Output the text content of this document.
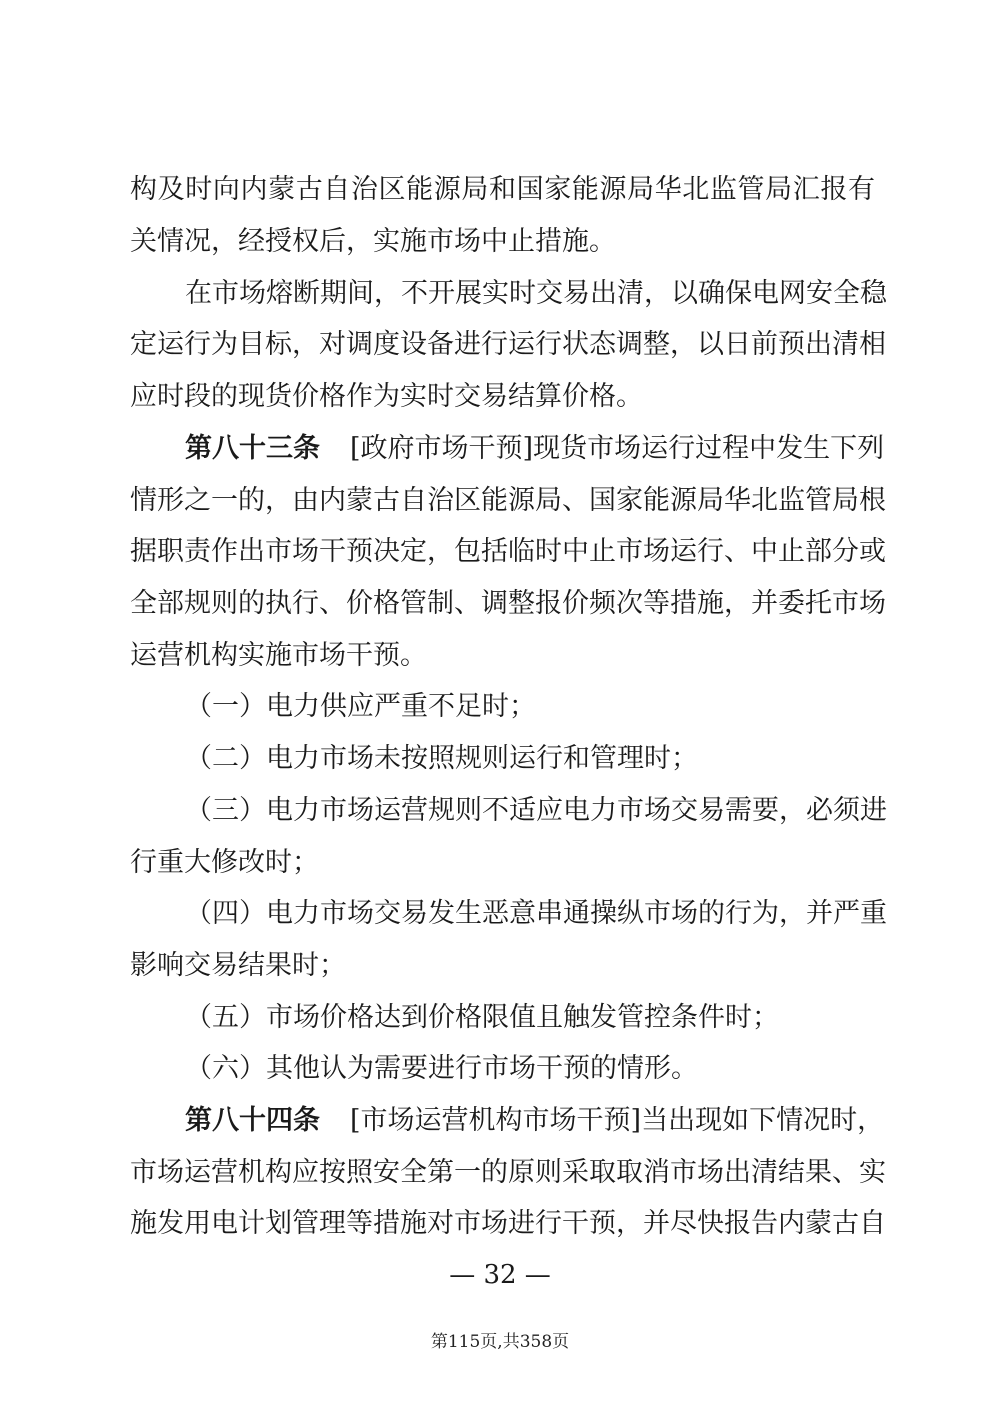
构及时向内蒙古自治区能源局和国家能源局华北监管局汇报有
关情况，经授权后，实施市场中止措施。
在市场熔断期间，不开展实时交易出清，以确保电网安全稳
定运行为目标，对调度设备进行运行状态调整，以日前预出清相
应时段的现货价格作为实时交易结算价格。
第八十三条 [政府市场干预]现货市场运行过程中发生下列
情形之一的，由内蒙古自治区能源局、国家能源局华北监管局根
据职责作出市场干预决定，包括临时中止市场运行、中止部分或
全部规则的执行、价格管制、调整报价频次等措施，并委托市场
运营机构实施市场干预。
（一）电力供应严重不足时；
（二）电力市场未按照规则运行和管理时；
（三）电力市场运营规则不适应电力市场交易需要，必须进
行重大修改时；
（四）电力市场交易发生恶意串通操纵市场的行为，并严重
影响交易结果时；
（五）市场价格达到价格限值且触发管控条件时；
（六）其他认为需要进行市场干预的情形。
第八十四条 [市场运营机构市场干预]当出现如下情况时，
市场运营机构应按照安全第一的原则采取取消市场出清结果、实
施发用电计划管理等措施对市场进行干预，并尽快报告内蒙古自
— 32 —
第115页,共358页
